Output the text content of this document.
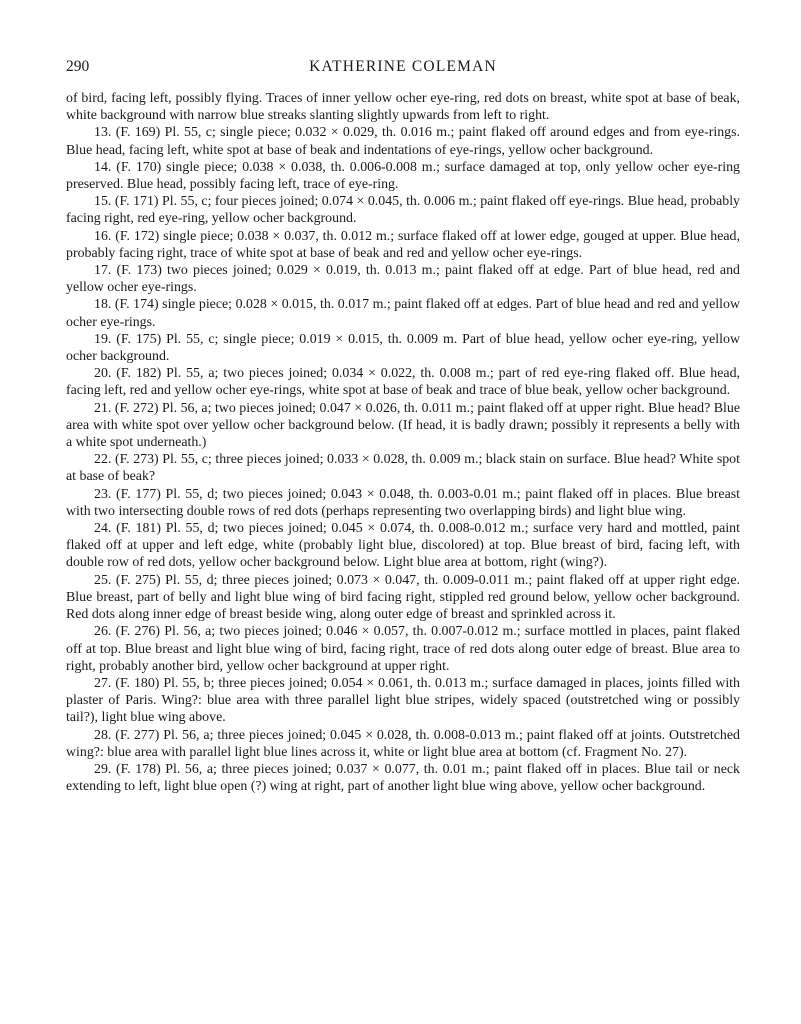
290	KATHERINE COLEMAN

of bird, facing left, possibly flying. Traces of inner yellow ocher eye-ring, red dots on breast, white spot at base of beak, white background with narrow blue streaks slanting slightly upwards from left to right.

13. (F. 169) Pl. 55, c; single piece; 0.032 × 0.029, th. 0.016 m.; paint flaked off around edges and from eye-rings. Blue head, facing left, white spot at base of beak and indentations of eye-rings, yellow ocher background.

14. (F. 170) single piece; 0.038 × 0.038, th. 0.006-0.008 m.; surface damaged at top, only yellow ocher eye-ring preserved. Blue head, possibly facing left, trace of eye-ring.

15. (F. 171) Pl. 55, c; four pieces joined; 0.074 × 0.045, th. 0.006 m.; paint flaked off eye-rings. Blue head, probably facing right, red eye-ring, yellow ocher background.

16. (F. 172) single piece; 0.038 × 0.037, th. 0.012 m.; surface flaked off at lower edge, gouged at upper. Blue head, probably facing right, trace of white spot at base of beak and red and yellow ocher eye-rings.

17. (F. 173) two pieces joined; 0.029 × 0.019, th. 0.013 m.; paint flaked off at edge. Part of blue head, red and yellow ocher eye-rings.

18. (F. 174) single piece; 0.028 × 0.015, th. 0.017 m.; paint flaked off at edges. Part of blue head and red and yellow ocher eye-rings.

19. (F. 175) Pl. 55, c; single piece; 0.019 × 0.015, th. 0.009 m. Part of blue head, yellow ocher eye-ring, yellow ocher background.

20. (F. 182) Pl. 55, a; two pieces joined; 0.034 × 0.022, th. 0.008 m.; part of red eye-ring flaked off. Blue head, facing left, red and yellow ocher eye-rings, white spot at base of beak and trace of blue beak, yellow ocher background.

21. (F. 272) Pl. 56, a; two pieces joined; 0.047 × 0.026, th. 0.011 m.; paint flaked off at upper right. Blue head? Blue area with white spot over yellow ocher background below. (If head, it is badly drawn; possibly it represents a belly with a white spot underneath.)

22. (F. 273) Pl. 55, c; three pieces joined; 0.033 × 0.028, th. 0.009 m.; black stain on surface. Blue head? White spot at base of beak?

23. (F. 177) Pl. 55, d; two pieces joined; 0.043 × 0.048, th. 0.003-0.01 m.; paint flaked off in places. Blue breast with two intersecting double rows of red dots (perhaps representing two overlapping birds) and light blue wing.

24. (F. 181) Pl. 55, d; two pieces joined; 0.045 × 0.074, th. 0.008-0.012 m.; surface very hard and mottled, paint flaked off at upper and left edge, white (probably light blue, discolored) at top. Blue breast of bird, facing left, with double row of red dots, yellow ocher background below. Light blue area at bottom, right (wing?).

25. (F. 275) Pl. 55, d; three pieces joined; 0.073 × 0.047, th. 0.009-0.011 m.; paint flaked off at upper right edge. Blue breast, part of belly and light blue wing of bird facing right, stippled red ground below, yellow ocher background. Red dots along inner edge of breast beside wing, along outer edge of breast and sprinkled across it.

26. (F. 276) Pl. 56, a; two pieces joined; 0.046 × 0.057, th. 0.007-0.012 m.; surface mottled in places, paint flaked off at top. Blue breast and light blue wing of bird, facing right, trace of red dots along outer edge of breast. Blue area to right, probably another bird, yellow ocher background at upper right.

27. (F. 180) Pl. 55, b; three pieces joined; 0.054 × 0.061, th. 0.013 m.; surface damaged in places, joints filled with plaster of Paris. Wing?: blue area with three parallel light blue stripes, widely spaced (outstretched wing or possibly tail?), light blue wing above.

28. (F. 277) Pl. 56, a; three pieces joined; 0.045 × 0.028, th. 0.008-0.013 m.; paint flaked off at joints. Outstretched wing?: blue area with parallel light blue lines across it, white or light blue area at bottom (cf. Fragment No. 27).

29. (F. 178) Pl. 56, a; three pieces joined; 0.037 × 0.077, th. 0.01 m.; paint flaked off in places. Blue tail or neck extending to left, light blue open (?) wing at right, part of another light blue wing above, yellow ocher background.
